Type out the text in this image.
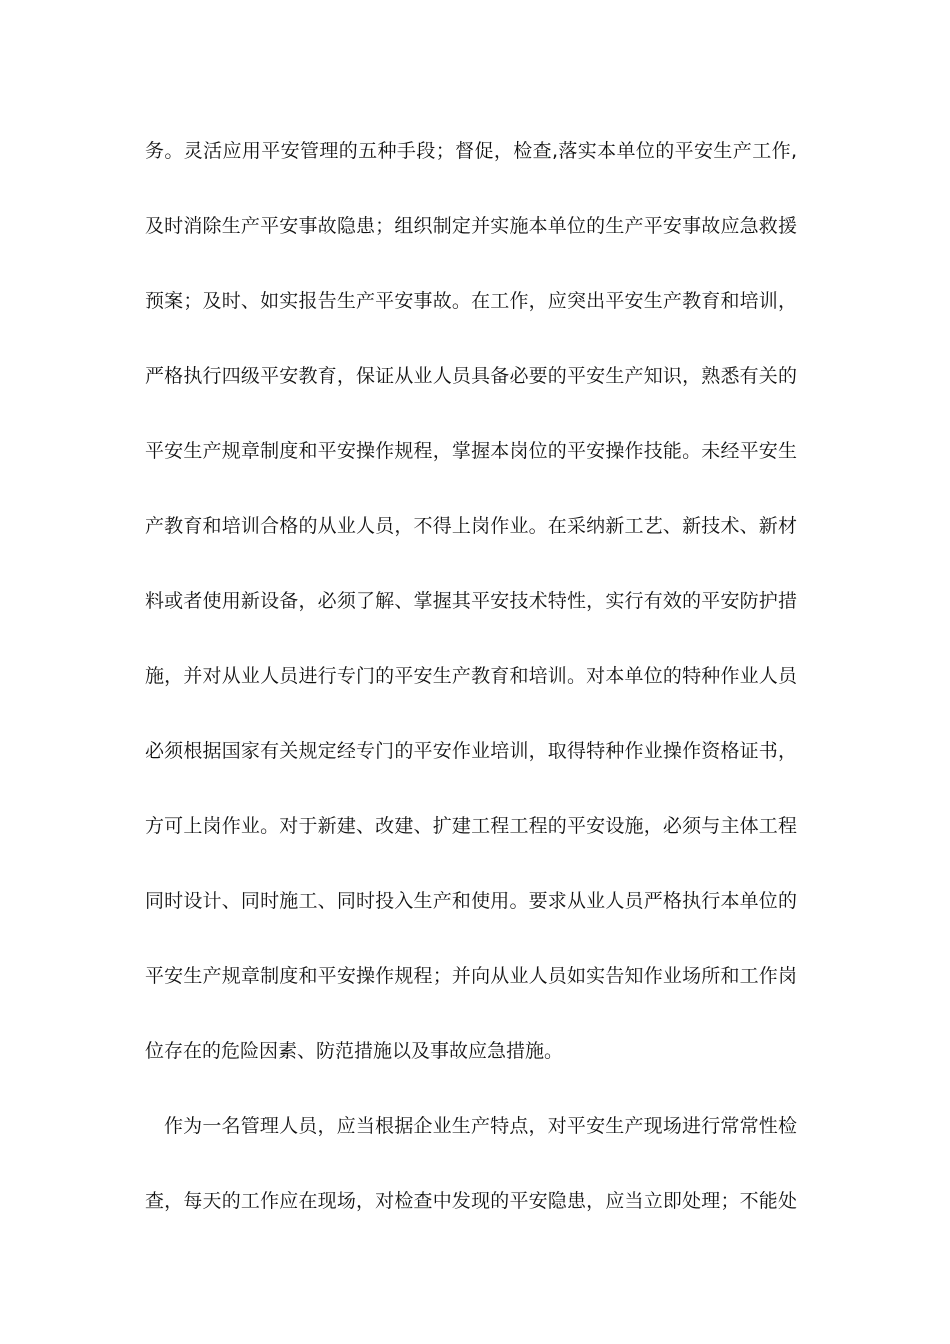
务。灵活应用平安管理的五种手段；督促，检查,落实本单位的平安生产工作,
及时消除生产平安事故隐患；组织制定并实施本单位的生产平安事故应急救援
预案；及时、如实报告生产平安事故。在工作，应突出平安生产教育和培训，
严格执行四级平安教育，保证从业人员具备必要的平安生产知识，熟悉有关的
平安生产规章制度和平安操作规程，掌握本岗位的平安操作技能。未经平安生
产教育和培训合格的从业人员，不得上岗作业。在采纳新工艺、新技术、新材
料或者使用新设备，必须了解、掌握其平安技术特性，实行有效的平安防护措
施，并对从业人员进行专门的平安生产教育和培训。对本单位的特种作业人员
必须根据国家有关规定经专门的平安作业培训，取得特种作业操作资格证书，
方可上岗作业。对于新建、改建、扩建工程工程的平安设施，必须与主体工程
同时设计、同时施工、同时投入生产和使用。要求从业人员严格执行本单位的
平安生产规章制度和平安操作规程；并向从业人员如实告知作业场所和工作岗
位存在的危险因素、防范措施以及事故应急措施。
作为一名管理人员，应当根据企业生产特点，对平安生产现场进行常常性检
查，每天的工作应在现场，对检查中发现的平安隐患，应当立即处理；不能处
